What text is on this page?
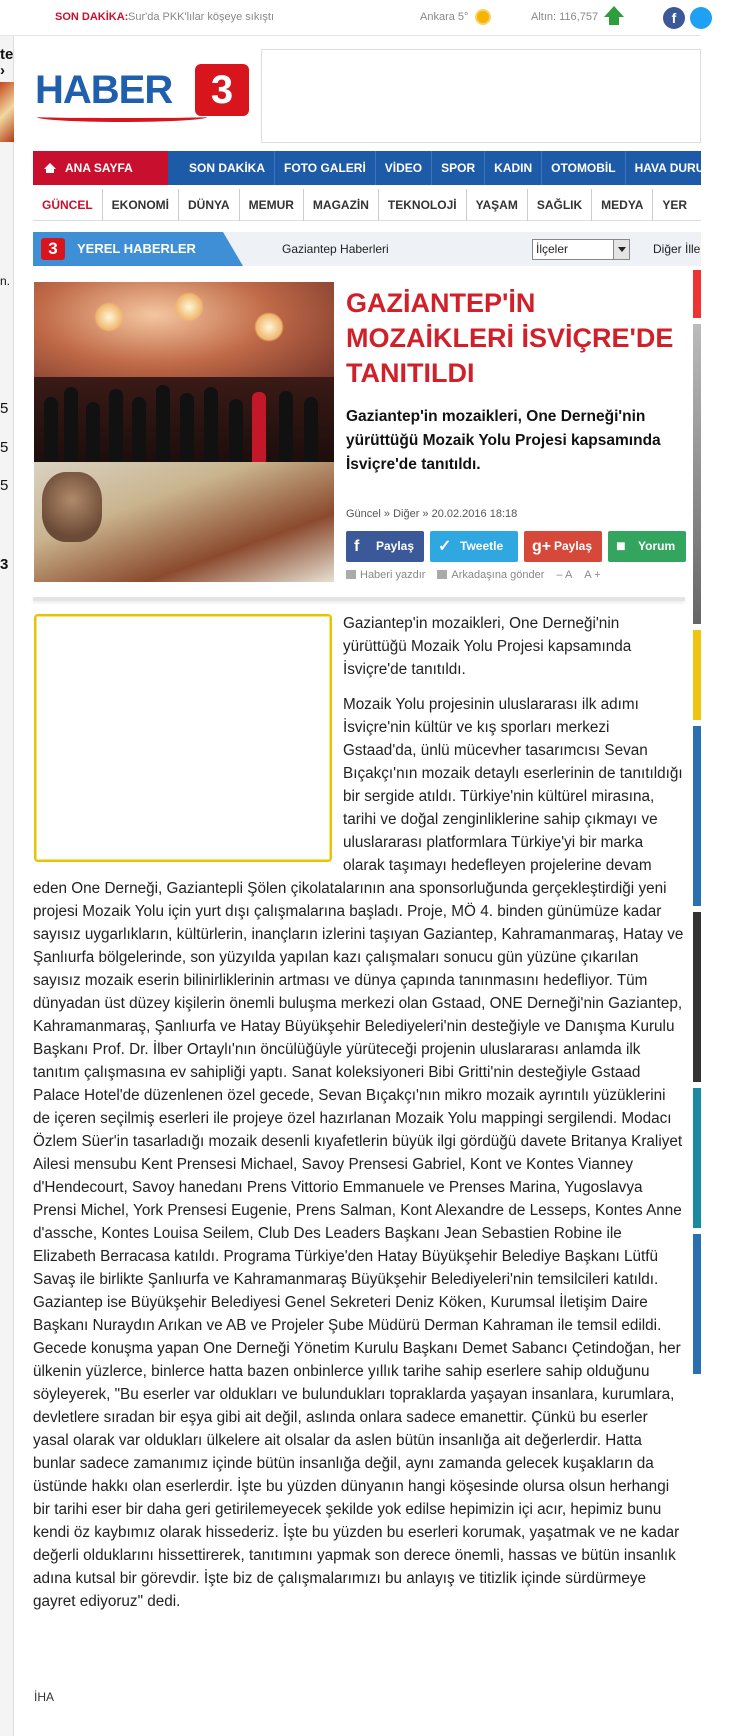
te
›
n.
5
5
5
3
SON DAKİKA: Sur'da PKK'lılar köşeye sıkıştı	Ankara 5°	Altın: 116,757	f
HABER 3
ANA SAYFA	SON DAKİKA	FOTO GALERİ	VİDEO	SPOR	KADIN	OTOMOBİL	HAVA DURUMU
GÜNCEL	EKONOMİ	DÜNYA	MEMUR	MAGAZİN	TEKNOLOJİ	YAŞAM	SAĞLIK	MEDYA	YER
3	YEREL HABERLER	Gaziantep Haberleri	İlçeler	Diğer İlle
GAZİANTEP'İN MOZAİKLERİ İSVİÇRE'DE TANITILDI

Gaziantep'in mozaikleri, One Derneği'nin yürüttüğü Mozaik Yolu Projesi kapsamında İsviçre'de tanıtıldı.

Güncel » Diğer » 20.02.2016 18:18
f Paylaş	✓ Tweetle	g+ Paylaş	■ Yorum
Haberi yazdır	Arkadaşına gönder – A A +

Gaziantep'in mozaikleri, One Derneği'nin yürüttüğü Mozaik Yolu Projesi kapsamında İsviçre'de tanıtıldı.

Mozaik Yolu projesinin uluslararası ilk adımı İsviçre'nin kültür ve kış sporları merkezi Gstaad'da, ünlü mücevher tasarımcısı Sevan Bıçakçı'nın mozaik detaylı eserlerinin de tanıtıldığı bir sergide atıldı. Türkiye'nin kültürel mirasına, tarihi ve doğal zenginliklerine sahip çıkmayı ve uluslararası platformlara Türkiye'yi bir marka olarak taşımayı hedefleyen projelerine devam eden One Derneği, Gaziantepli Şölen çikolatalarının ana sponsorluğunda gerçekleştirdiği yeni projesi Mozaik Yolu için yurt dışı çalışmalarına başladı. Proje, MÖ 4. binden günümüze kadar sayısız uygarlıkların, kültürlerin, inançların izlerini taşıyan Gaziantep, Kahramanmaraş, Hatay ve Şanlıurfa bölgelerinde, son yüzyılda yapılan kazı çalışmaları sonucu gün yüzüne çıkarılan sayısız mozaik eserin bilinirliklerinin artması ve dünya çapında tanınmasını hedefliyor. Tüm dünyadan üst düzey kişilerin önemli buluşma merkezi olan Gstaad, ONE Derneği'nin Gaziantep, Kahramanmaraş, Şanlıurfa ve Hatay Büyükşehir Belediyeleri'nin desteğiyle ve Danışma Kurulu Başkanı Prof. Dr. İlber Ortaylı'nın öncülüğüyle yürüteceği projenin uluslararası anlamda ilk tanıtım çalışmasına ev sahipliği yaptı. Sanat koleksiyoneri Bibi Gritti'nin desteğiyle Gstaad Palace Hotel'de düzenlenen özel gecede, Sevan Bıçakçı'nın mikro mozaik ayrıntılı yüzüklerini de içeren seçilmiş eserleri ile projeye özel hazırlanan Mozaik Yolu mappingi sergilendi. Modacı Özlem Süer'in tasarladığı mozaik desenli kıyafetlerin büyük ilgi gördüğü davete Britanya Kraliyet Ailesi mensubu Kent Prensesi Michael, Savoy Prensesi Gabriel, Kont ve Kontes Vianney d'Hendecourt, Savoy hanedanı Prens Vittorio Emmanuele ve Prenses Marina, Yugoslavya Prensi Michel, York Prensesi Eugenie, Prens Salman, Kont Alexandre de Lesseps, Kontes Anne d'assche, Kontes Louisa Seilem, Club Des Leaders Başkanı Jean Sebastien Robine ile Elizabeth Berracasa katıldı. Programa Türkiye'den Hatay Büyükşehir Belediye Başkanı Lütfü Savaş ile birlikte Şanlıurfa ve Kahramanmaraş Büyükşehir Belediyeleri'nin temsilcileri katıldı. Gaziantep ise Büyükşehir Belediyesi Genel Sekreteri Deniz Köken, Kurumsal İletişim Daire Başkanı Nuraydın Arıkan ve AB ve Projeler Şube Müdürü Derman Kahraman ile temsil edildi. Gecede konuşma yapan One Derneği Yönetim Kurulu Başkanı Demet Sabancı Çetindoğan, her ülkenin yüzlerce, binlerce hatta bazen onbinlerce yıllık tarihe sahip eserlere sahip olduğunu söyleyerek, "Bu eserler var oldukları ve bulundukları topraklarda yaşayan insanlara, kurumlara, devletlere sıradan bir eşya gibi ait değil, aslında onlara sadece emanettir. Çünkü bu eserler yasal olarak var oldukları ülkelere ait olsalar da aslen bütün insanlığa ait değerlerdir. Hatta bunlar sadece zamanımız içinde bütün insanlığa değil, aynı zamanda gelecek kuşakların da üstünde hakkı olan eserlerdir. İşte bu yüzden dünyanın hangi köşesinde olursa olsun herhangi bir tarihi eser bir daha geri getirilemeyecek şekilde yok edilse hepimizin içi acır, hepimiz bunu kendi öz kaybımız olarak hissederiz. İşte bu yüzden bu eserleri korumak, yaşatmak ve ne kadar değerli olduklarını hissettirerek, tanıtımını yapmak son derece önemli, hassas ve bütün insanlık adına kutsal bir görevdir. İşte biz de çalışmalarımızı bu anlayış ve titizlik içinde sürdürmeye gayret ediyoruz" dedi.

İHA
